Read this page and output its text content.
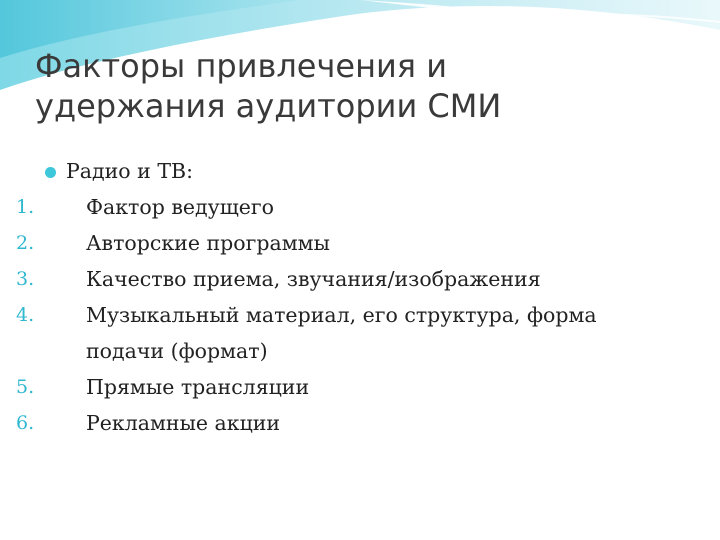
Факторы привлечения и
удержания аудитории СМИ
Радио и ТВ:
1.	Фактор ведущего
2.	Авторские программы
3.	Качество приема, звучания/изображения
4.	Музыкальный материал, его структура, форма подачи (формат)
5.	Прямые трансляции
6.	Рекламные акции
